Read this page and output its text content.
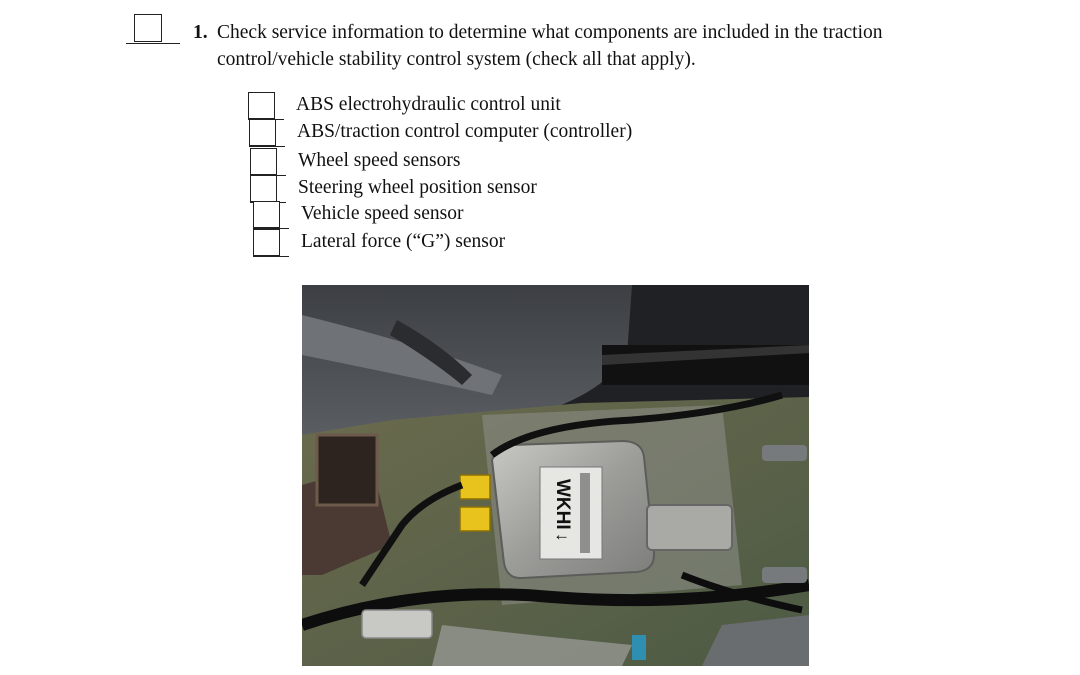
1. Check service information to determine what components are included in the traction
control/vehicle stability control system (check all that apply).
ABS electrohydraulic control unit
ABS/traction control computer (controller)
Wheel speed sensors
Steering wheel position sensor
Vehicle speed sensor
Lateral force (“G”) sensor
WKHI
↓
